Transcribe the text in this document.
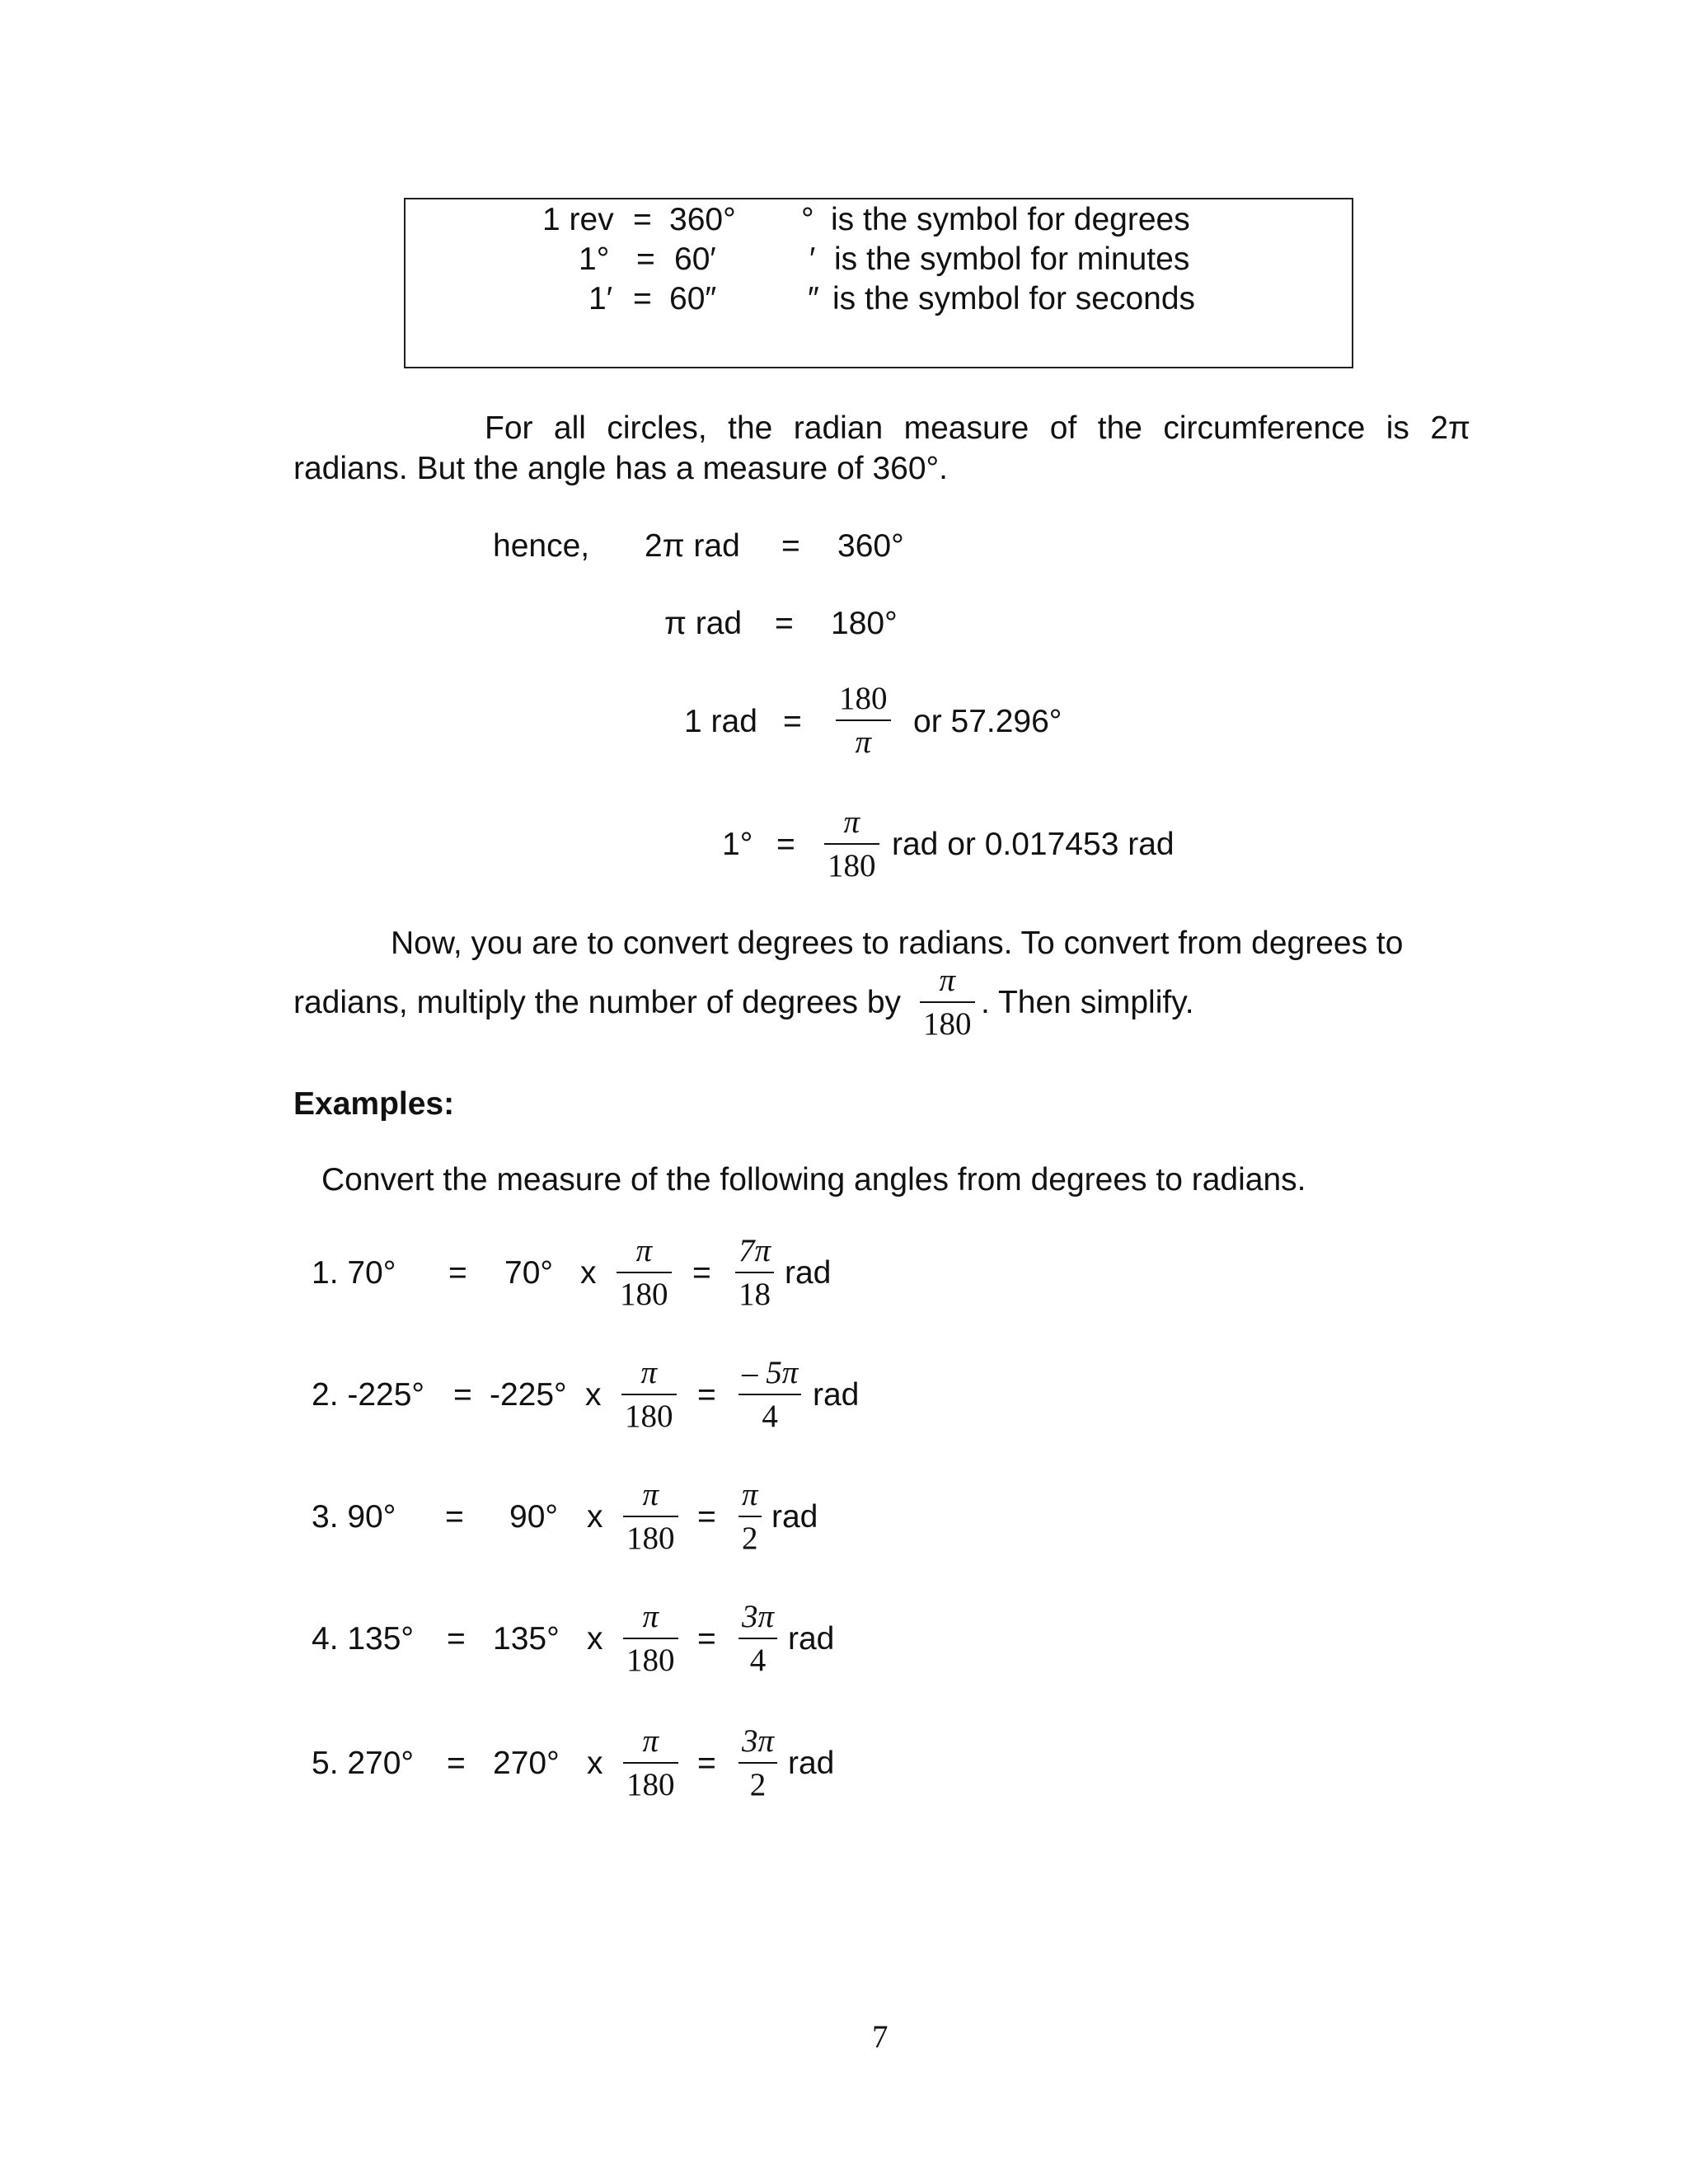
1 rev = 360° ° is the symbol for degrees
1° = 60′	′ is the symbol for minutes
1′ = 60″	″ is the symbol for seconds
For all circles, the radian measure of the circumference is 2π
radians. But the angle has a measure of 360°.
hence, 2π rad = 360°
π rad = 180°
1 rad =
180
π
or 57.296°
1° =
π
180
rad or 0.017453 rad
Now, you are to convert degrees to radians. To convert from degrees to
radians, multiply the number of degrees by
π
180
. Then simplify.
Examples:
Convert the measure of the following angles from degrees to radians.
1. 70° = 70° x
π
180
=
7π
18
rad
2. -225° = -225° x
π
180
=
– 5π
4
rad
3. 90° = 90° x
π
180
=
π
2
rad
4. 135° = 135° x
π
180
=
3π
4
rad
5. 270° = 270° x
π
180
=
3π
2
rad
7
